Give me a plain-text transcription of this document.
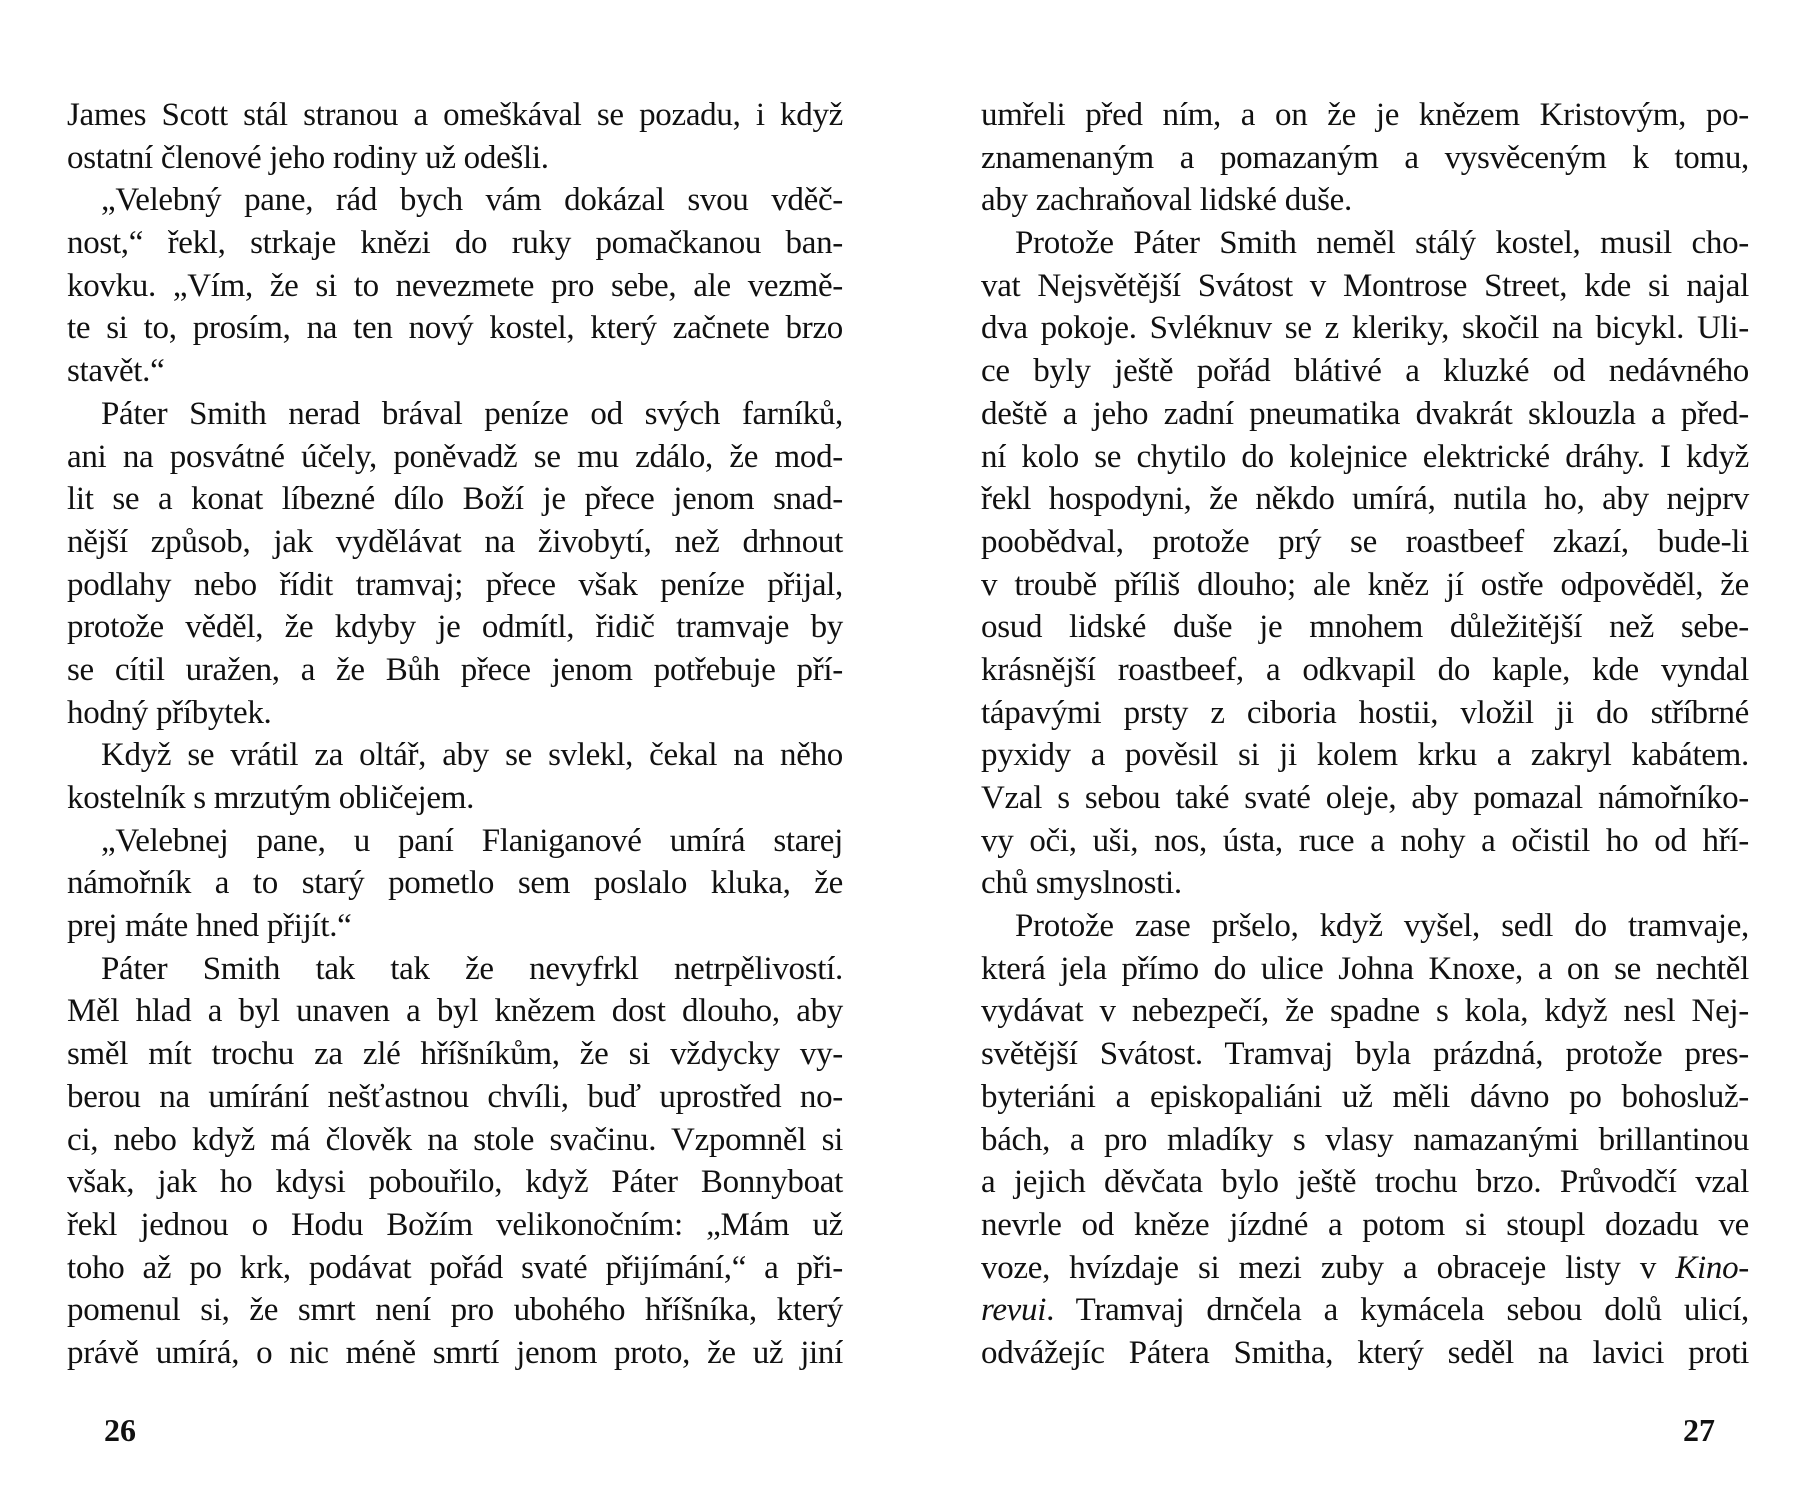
James Scott stál stranou a omeškával se pozadu, i když
ostatní členové jeho rodiny už odešli.
„Velebný pane, rád bych vám dokázal svou vděč-
nost,“ řekl, strkaje knězi do ruky pomačkanou ban-
kovku. „Vím, že si to nevezmete pro sebe, ale vezmě-
te si to, prosím, na ten nový kostel, který začnete brzo
stavět.“
Páter Smith nerad brával peníze od svých farníků,
ani na posvátné účely, poněvadž se mu zdálo, že mod-
lit se a konat líbezné dílo Boží je přece jenom snad-
nější způsob, jak vydělávat na živobytí, než drhnout
podlahy nebo řídit tramvaj; přece však peníze přijal,
protože věděl, že kdyby je odmítl, řidič tramvaje by
se cítil uražen, a že Bůh přece jenom potřebuje pří-
hodný příbytek.
Když se vrátil za oltář, aby se svlekl, čekal na něho
kostelník s mrzutým obličejem.
„Velebnej pane, u paní Flaniganové umírá starej
námořník a to starý pometlo sem poslalo kluka, že
prej máte hned přijít.“
Páter Smith tak tak že nevyfrkl netrpělivostí.
Měl hlad a byl unaven a byl knězem dost dlouho, aby
směl mít trochu za zlé hříšníkům, že si vždycky vy-
berou na umírání nešťastnou chvíli, buď uprostřed no-
ci, nebo když má člověk na stole svačinu. Vzpomněl si
však, jak ho kdysi pobouřilo, když Páter Bonnyboat
řekl jednou o Hodu Božím velikonočním: „Mám už
toho až po krk, podávat pořád svaté přijímání,“ a při-
pomenul si, že smrt není pro ubohého hříšníka, který
právě umírá, o nic méně smrtí jenom proto, že už jiní
umřeli před ním, a on že je knězem Kristovým, po-
znamenaným a pomazaným a vysvěceným k tomu,
aby zachraňoval lidské duše.
Protože Páter Smith neměl stálý kostel, musil cho-
vat Nejsvětější Svátost v Montrose Street, kde si najal
dva pokoje. Svléknuv se z kleriky, skočil na bicykl. Uli-
ce byly ještě pořád blátivé a kluzké od nedávného
deště a jeho zadní pneumatika dvakrát sklouzla a před-
ní kolo se chytilo do kolejnice elektrické dráhy. I když
řekl hospodyni, že někdo umírá, nutila ho, aby nejprv
poobědval, protože prý se roastbeef zkazí, bude-li
v troubě příliš dlouho; ale kněz jí ostře odpověděl, že
osud lidské duše je mnohem důležitější než sebe-
krásnější roastbeef, a odkvapil do kaple, kde vyndal
tápavými prsty z ciboria hostii, vložil ji do stříbrné
pyxidy a pověsil si ji kolem krku a zakryl kabátem.
Vzal s sebou také svaté oleje, aby pomazal námořníko-
vy oči, uši, nos, ústa, ruce a nohy a očistil ho od hří-
chů smyslnosti.
Protože zase pršelo, když vyšel, sedl do tramvaje,
která jela přímo do ulice Johna Knoxe, a on se nechtěl
vydávat v nebezpečí, že spadne s kola, když nesl Nej-
světější Svátost. Tramvaj byla prázdná, protože pres-
byteriáni a episkopaliáni už měli dávno po bohosluž-
bách, a pro mladíky s vlasy namazanými brillantinou
a jejich děvčata bylo ještě trochu brzo. Průvodčí vzal
nevrle od kněze jízdné a potom si stoupl dozadu ve
voze, hvízdaje si mezi zuby a obraceje listy v Kino-
revui. Tramvaj drnčela a kymácela sebou dolů ulicí,
odvážejíc Pátera Smitha, který seděl na lavici proti
26	27
